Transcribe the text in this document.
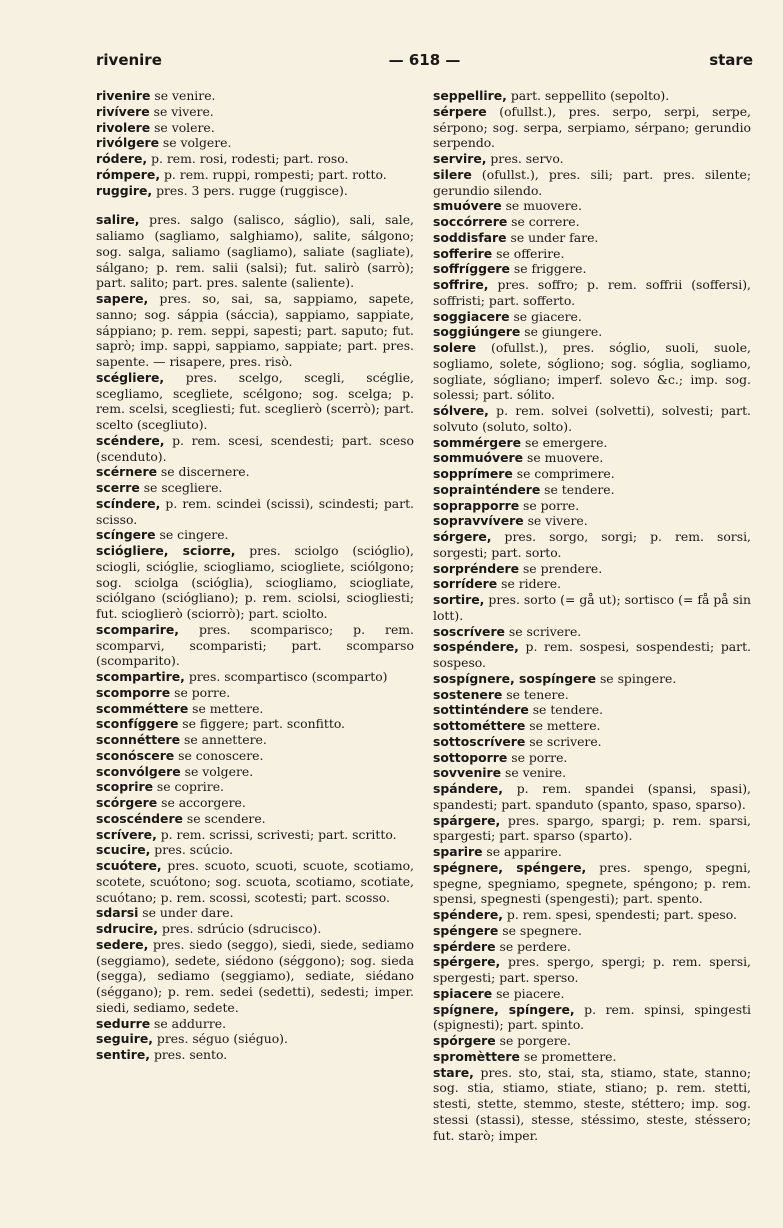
rivenire	— 618 —	stare

rivenire se venire.

rivívere se vivere.

rivolere se volere.

rivólgere se volgere.

ródere, p. rem. rosi, rodesti; part. roso.

rómpere, p. rem. ruppi, rompesti; part. rotto.

ruggire, pres. 3 pers. rugge (ruggisce).

salire, pres. salgo (salisco, ságlio), sali, sale, saliamo (sagliamo, salghiamo), salite, sálgono; sog. salga, saliamo (sagliamo), saliate (sagliate), sálgano; p. rem. salii (salsi); fut. salirò (sarrò); part. salito; part. pres. salente (saliente).

sapere, pres. so, sai, sa, sappiamo, sapete, sanno; sog. sáppia (sáccia), sappiamo, sappiate, sáppiano; p. rem. seppi, sapesti; part. saputo; fut. saprò; imp. sappi, sappiamo, sappiate; part. pres. sapente. — risapere, pres. risò.

scégliere, pres. scelgo, scegli, scéglie, scegliamo, scegliete, scélgono; sog. scelga; p. rem. scelsi, scegliesti; fut. sceglierò (scerrò); part. scelto (scegliuto).

scéndere, p. rem. scesi, scendesti; part. sceso (scenduto).

scérnere se discernere.

scerre se scegliere.

scíndere, p. rem. scindei (scissi), scindesti; part. scisso.

scíngere se cingere.

sciógliere, sciorre, pres. sciolgo (scióglio), sciogli, scióglie, sciogliamo, sciogliete, sciólgono; sog. sciolga (scióglia), sciogliamo, sciogliate, sciólgano (sciógliano); p. rem. sciolsi, sciogliesti; fut. scioglierò (sciorrò); part. sciolto.

scomparire, pres. scomparisco; p. rem. scomparvi, scomparisti; part. scomparso (scomparito).

scompartire, pres. scompartisco (scomparto)

scomporre se porre.

scomméttere se mettere.

sconfíggere se figgere; part. sconfitto.

sconnéttere se annettere.

sconóscere se conoscere.

sconvólgere se volgere.

scoprire se coprire.

scórgere se accorgere.

scoscéndere se scendere.

scrívere, p. rem. scrissi, scrivesti; part. scritto.

scucire, pres. scúcio.

scuótere, pres. scuoto, scuoti, scuote, scotiamo, scotete, scuótono; sog. scuota, scotiamo, scotiate, scuótano; p. rem. scossi, scotesti; part. scosso.

sdarsi se under dare.

sdrucire, pres. sdrúcio (sdrucisco).

sedere, pres. siedo (seggo), siedi, siede, sediamo (seggiamo), sedete, siédono (séggono); sog. sieda (segga), sediamo (seggiamo), sediate, siédano (séggano); p. rem. sedei (sedetti), sedesti; imper. siedi, sediamo, sedete.

sedurre se addurre.

seguire, pres. séguo (siéguo).

sentire, pres. sento.

seppellire, part. seppellito (sepolto).

sérpere (ofullst.), pres. serpo, serpi, serpe, sérpono; sog. serpa, serpiamo, sérpano; gerundio serpendo.

servire, pres. servo.

silere (ofullst.), pres. sili; part. pres. silente; gerundio silendo.

smuóvere se muovere.

soccórrere se correre.

soddisfare se under fare.

sofferire se offerire.

soffríggere se friggere.

soffrire, pres. soffro; p. rem. soffrii (soffersi), soffristi; part. sofferto.

soggiacere se giacere.

soggiúngere se giungere.

solere (ofullst.), pres. sóglio, suoli, suole, sogliamo, solete, sógliono; sog. sóglia, sogliamo, sogliate, sógliano; imperf. solevo &c.; imp. sog. solessi; part. sólito.

sólvere, p. rem. solvei (solvetti), solvesti; part. solvuto (soluto, solto).

sommérgere se emergere.

sommuóvere se muovere.

sopprímere se comprimere.

soprainténdere se tendere.

soprapporre se porre.

sopravvívere se vivere.

sórgere, pres. sorgo, sorgi; p. rem. sorsi, sorgesti; part. sorto.

sorpréndere se prendere.

sorrídere se ridere.

sortire, pres. sorto (= gå ut); sortisco (= få på sin lott).

soscrívere se scrivere.

sospéndere, p. rem. sospesi, sospendesti; part. sospeso.

sospígnere, sospíngere se spingere.

sostenere se tenere.

sottinténdere se tendere.

sottométtere se mettere.

sottoscrívere se scrivere.

sottoporre se porre.

sovvenire se venire.

spándere, p. rem. spandei (spansi, spasi), spandesti; part. spanduto (spanto, spaso, sparso).

spárgere, pres. spargo, spargi; p. rem. sparsi, spargesti; part. sparso (sparto).

sparire se apparire.

spégnere, spéngere, pres. spengo, spegni, spegne, spegniamo, spegnete, spéngono; p. rem. spensi, spegnesti (spengesti); part. spento.

spéndere, p. rem. spesi, spendesti; part. speso.

spéngere se spegnere.

spérdere se perdere.

spérgere, pres. spergo, spergi; p. rem. spersi, spergesti; part. sperso.

spiacere se piacere.

spígnere, spíngere, p. rem. spinsi, spingesti (spignesti); part. spinto.

spórgere se porgere.

spromèttere se promettere.

stare, pres. sto, stai, sta, stiamo, state, stanno; sog. stia, stiamo, stiate, stiano; p. rem. stetti, stesti, stette, stemmo, steste, stéttero; imp. sog. stessi (stassi), stesse, stéssimo, steste, stéssero; fut. starò; imper.
